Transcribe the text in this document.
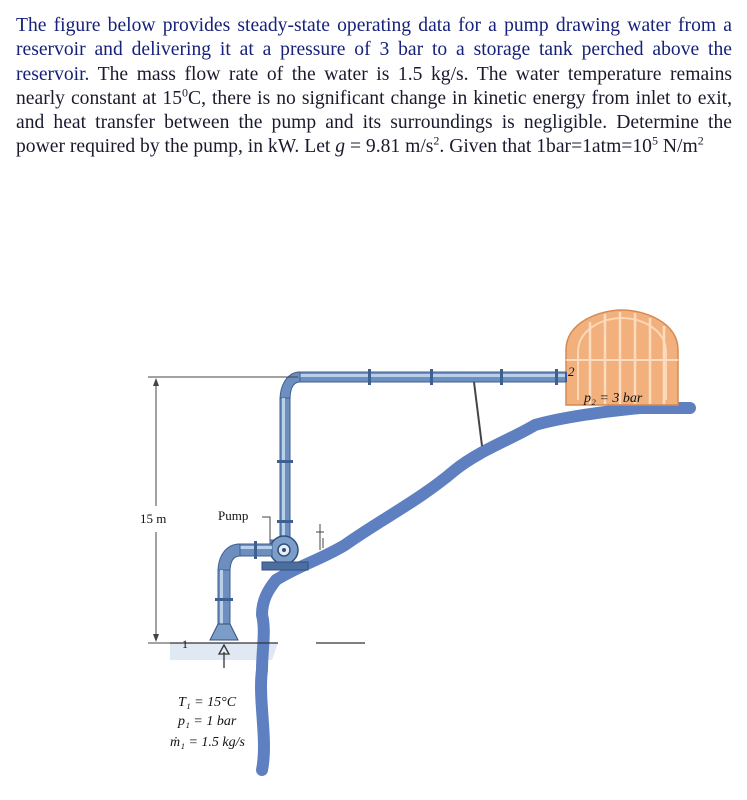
The figure below provides steady-state operating data for a pump drawing water from a reservoir and delivering it at a pressure of 3 bar to a storage tank perched above the reservoir. The mass flow rate of the water is 1.5 kg/s. The water temperature remains nearly constant at $15^0C$, there is no significant change in kinetic energy from inlet to exit, and heat transfer between the pump and its surroundings is negligible. Determine the power required by the pump, in kW. Let g = 9.81 $m/s^2$. Given that $1bar=1atm=10^5$ $N/m^2$

p₂ = 3 bar
2
1
15 m	Pump
T₁ = 15°C
p₁ = 1 bar
ṁ₁ = 1.5 kg/s
